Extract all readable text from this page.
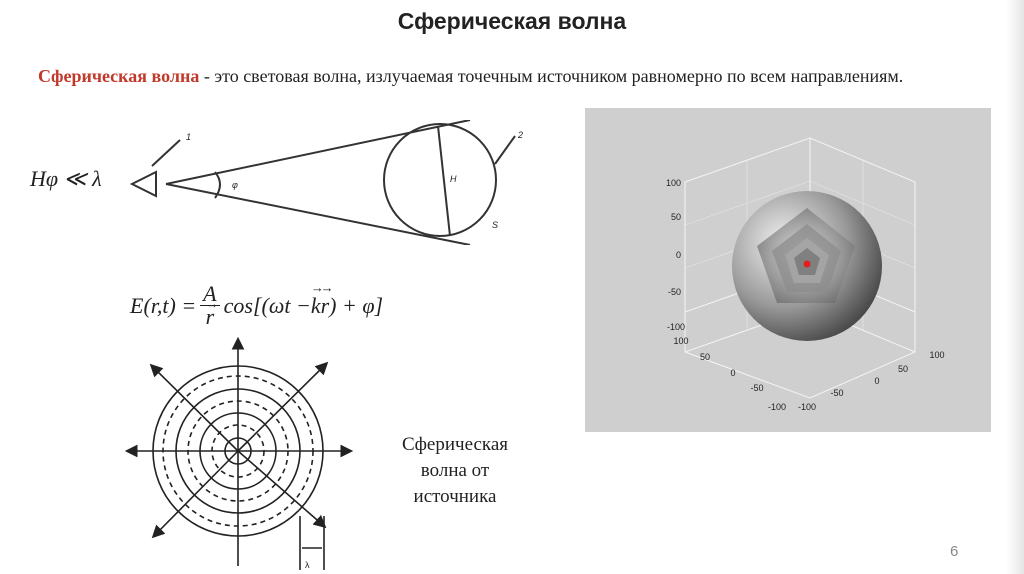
Сферическая волна
Сферическая волна - это световая волна, излучаемая точечным источником равномерно по всем направлениям.
Hφ ≪ λ
1	2
φ
H
S
E(r,t) = A
→ r cos[(ωt − → k → r ) + φ]
λ
Сферическая волна от источника
100
50
0
-50
-100
100
50
0
-50
-100
100
50
0
-50
-100
6
